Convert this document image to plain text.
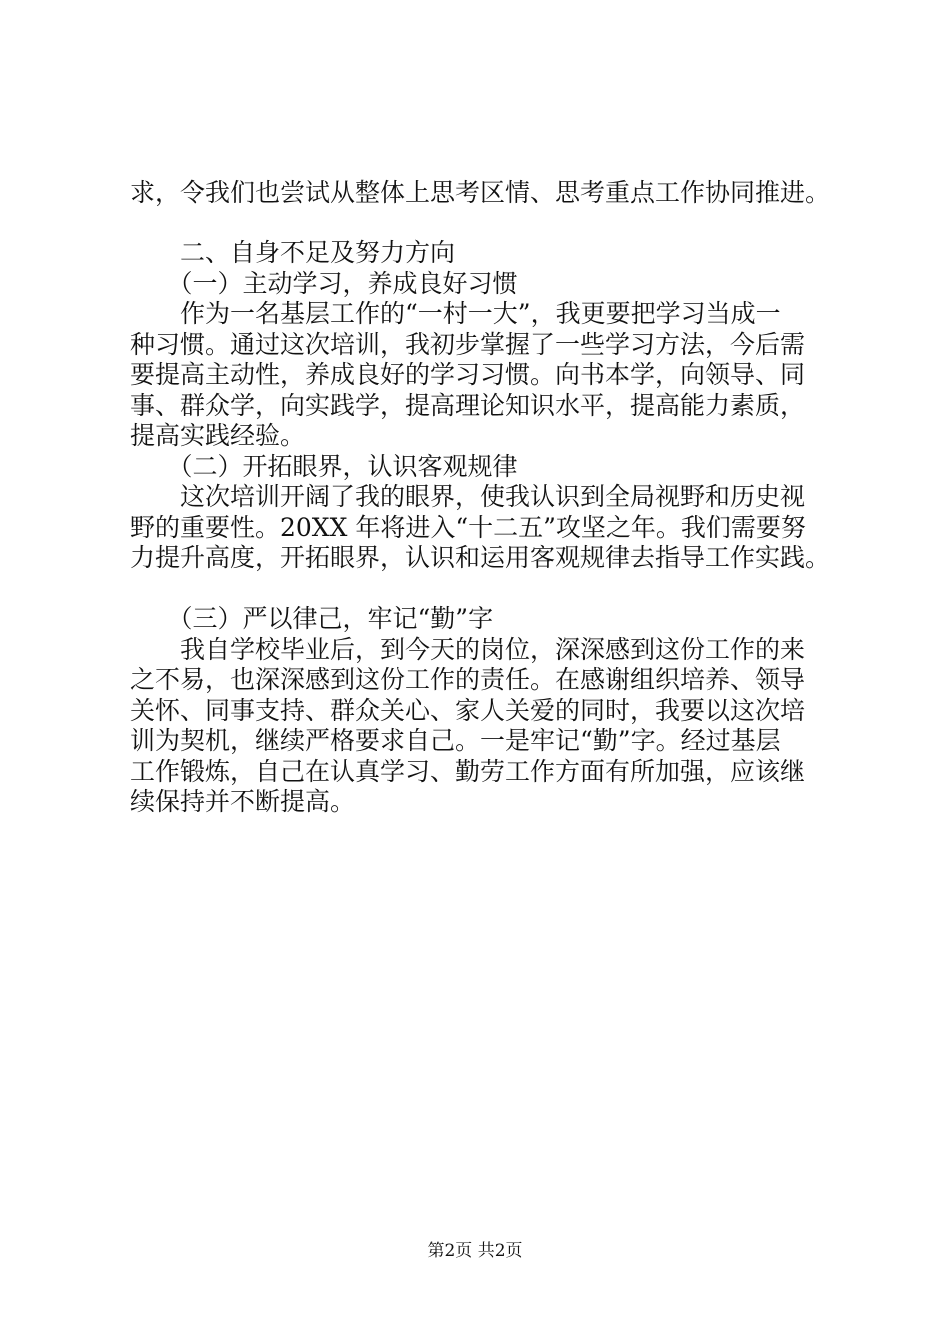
求，令我们也尝试从整体上思考区情、思考重点工作协同推进。
　　二、自身不足及努力方向
　　（一）主动学习，养成良好习惯
　　作为一名基层工作的“一村一大”，我更要把学习当成一
种习惯。通过这次培训，我初步掌握了一些学习方法，今后需
要提高主动性，养成良好的学习习惯。向书本学，向领导、同
事、群众学，向实践学，提高理论知识水平，提高能力素质，
提高实践经验。
　　（二）开拓眼界，认识客观规律
　　这次培训开阔了我的眼界，使我认识到全局视野和历史视
野的重要性。20XX 年将进入“十二五”攻坚之年。我们需要努
力提升高度，开拓眼界，认识和运用客观规律去指导工作实践。
　　（三）严以律己，牢记“勤”字
　　我自学校毕业后，到今天的岗位，深深感到这份工作的来
之不易，也深深感到这份工作的责任。在感谢组织培养、领导
关怀、同事支持、群众关心、家人关爱的同时，我要以这次培
训为契机，继续严格要求自己。一是牢记“勤”字。经过基层
工作锻炼，自己在认真学习、勤劳工作方面有所加强，应该继
续保持并不断提高。
第2页 共2页
